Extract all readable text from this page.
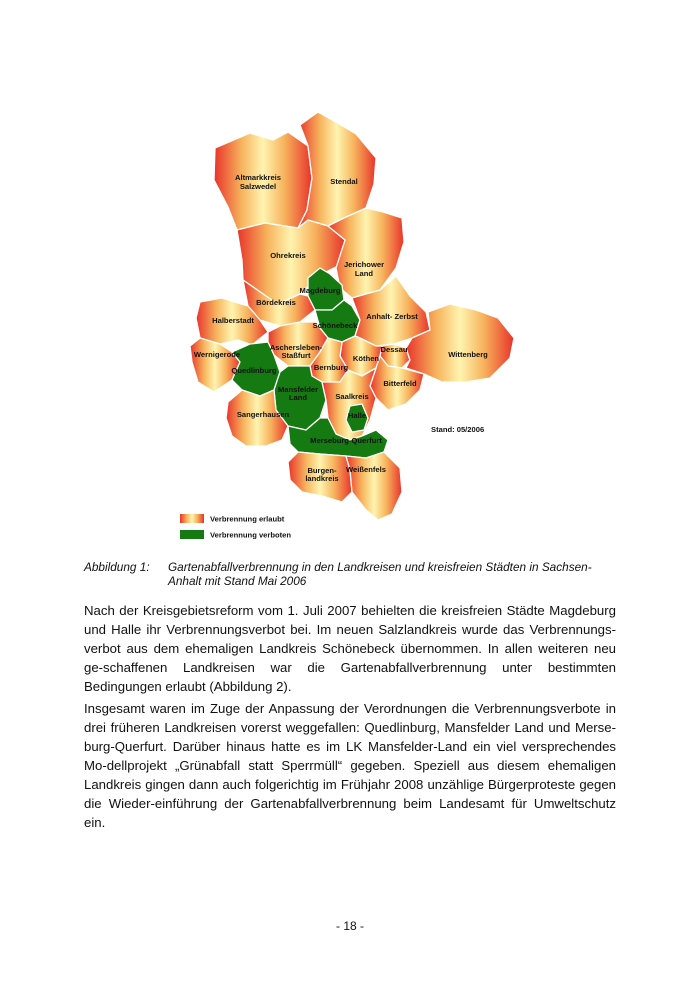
Altmarkkreis
Salzwedel
Stendal
Ohrekreis
Jerichower
Land
Magdeburg
Bördekreis
Halberstadt
Schönebeck
Anhalt- Zerbst
Wernigerode
Aschersleben-
Staßfurt
Dessau
Köthen	Wittenberg
Quedlinburg	Bernburg
Mansfelder
Land
Bitterfeld
Saalkreis
Sangerhausen	Halle
Merseburg-Querfurt
Burgen-
landkreis
Weißenfels
Stand: 05/2006
Verbrennung erlaubt
Verbrennung verboten
Abbildung 1: Gartenabfallverbrennung in den Landkreisen und kreisfreien Städten in Sachsen-Anhalt mit Stand Mai 2006

Nach der Kreisgebietsreform vom 1. Juli 2007 behielten die kreisfreien Städte Magdeburg und Halle ihr Verbrennungsverbot bei. Im neuen Salzlandkreis wurde das Verbrennungs-verbot aus dem ehemaligen Landkreis Schönebeck übernommen. In allen weiteren neu ge-schaffenen Landkreisen war die Gartenabfallverbrennung unter bestimmten Bedingungen erlaubt (Abbildung 2).

Insgesamt waren im Zuge der Anpassung der Verordnungen die Verbrennungsverbote in drei früheren Landkreisen vorerst weggefallen: Quedlinburg, Mansfelder Land und Merse-burg-Querfurt. Darüber hinaus hatte es im LK Mansfelder-Land ein viel versprechendes Mo-dellprojekt „Grünabfall statt Sperrmüll“ gegeben. Speziell aus diesem ehemaligen Landkreis gingen dann auch folgerichtig im Frühjahr 2008 unzählige Bürgerproteste gegen die Wieder-einführung der Gartenabfallverbrennung beim Landesamt für Umweltschutz ein.

- 18 -
